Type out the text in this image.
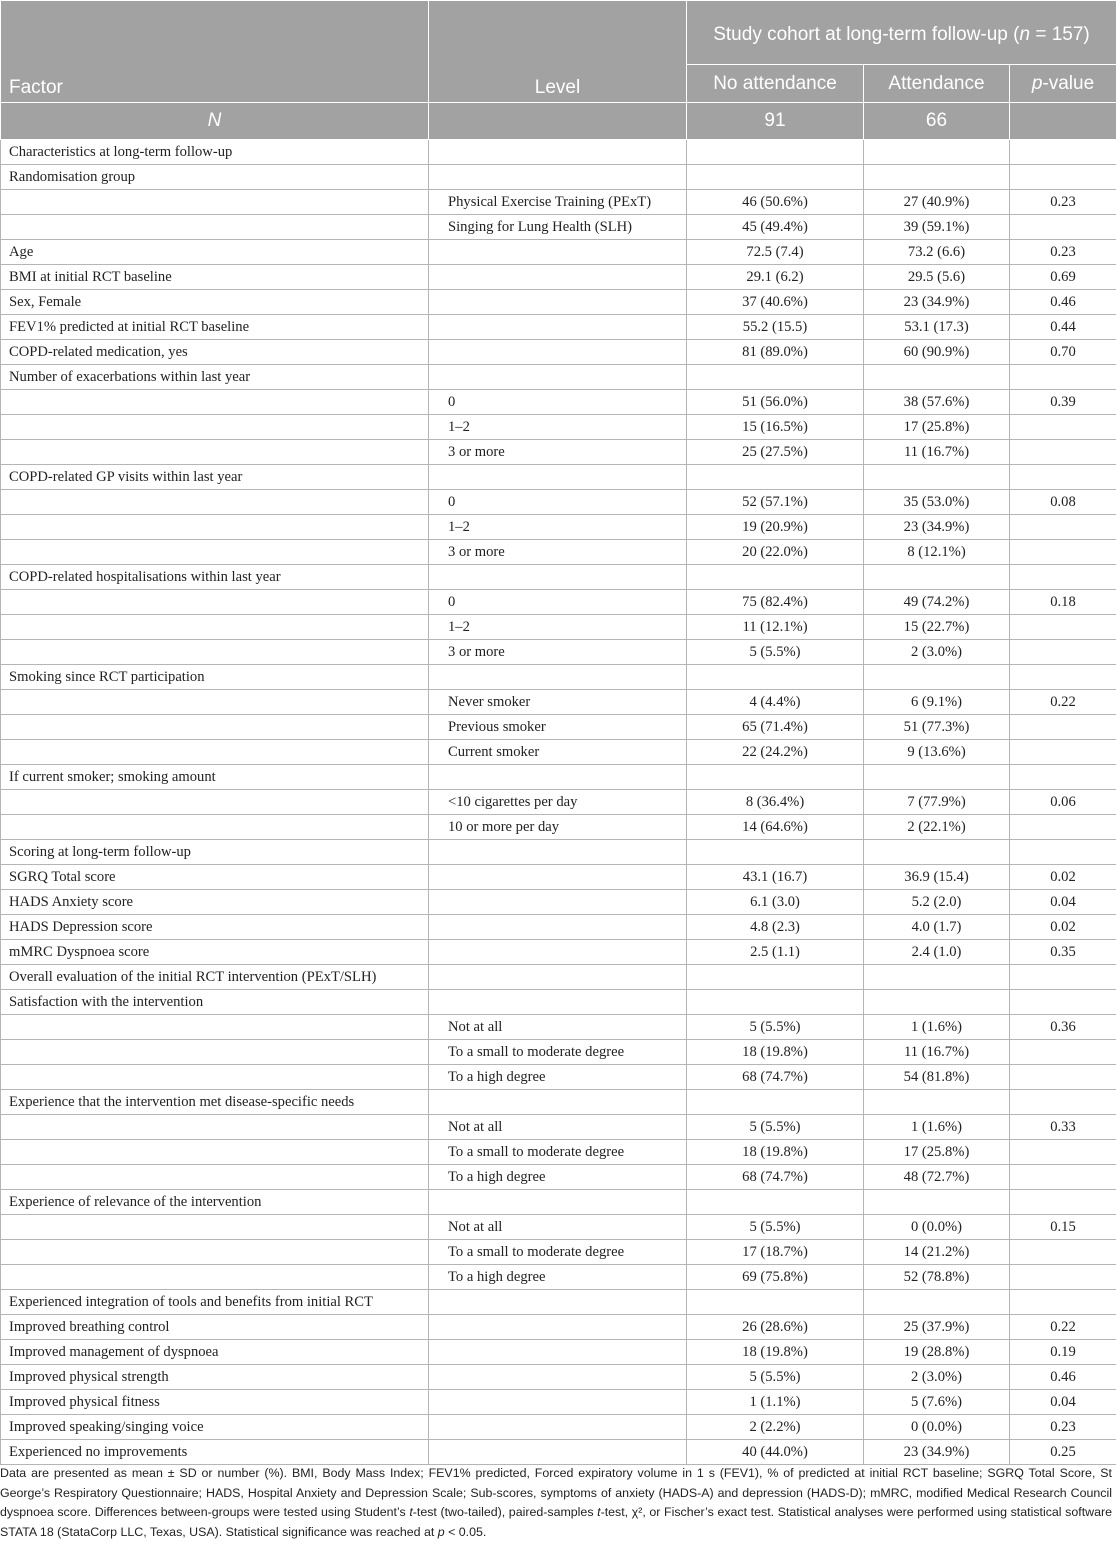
Factor	Level	Study cohort at long-term follow-up (n = 157)		
		No attendance	Attendance	p-value
N		91	66	
Characteristics at long-term follow-up				
Randomisation group				
	Physical Exercise Training (PExT)	46 (50.6%)	27 (40.9%)	0.23
	Singing for Lung Health (SLH)	45 (49.4%)	39 (59.1%)	
Age		72.5 (7.4)	73.2 (6.6)	0.23
BMI at initial RCT baseline		29.1 (6.2)	29.5 (5.6)	0.69
Sex, Female		37 (40.6%)	23 (34.9%)	0.46
FEV1% predicted at initial RCT baseline		55.2 (15.5)	53.1 (17.3)	0.44
COPD-related medication, yes		81 (89.0%)	60 (90.9%)	0.70
Number of exacerbations within last year				
	0	51 (56.0%)	38 (57.6%)	0.39
	1–2	15 (16.5%)	17 (25.8%)	
	3 or more	25 (27.5%)	11 (16.7%)	
COPD-related GP visits within last year				
	0	52 (57.1%)	35 (53.0%)	0.08
	1–2	19 (20.9%)	23 (34.9%)	
	3 or more	20 (22.0%)	8 (12.1%)	
COPD-related hospitalisations within last year				
	0	75 (82.4%)	49 (74.2%)	0.18
	1–2	11 (12.1%)	15 (22.7%)	
	3 or more	5 (5.5%)	2 (3.0%)	
Smoking since RCT participation				
	Never smoker	4 (4.4%)	6 (9.1%)	0.22
	Previous smoker	65 (71.4%)	51 (77.3%)	
	Current smoker	22 (24.2%)	9 (13.6%)	
If current smoker; smoking amount				
	<10 cigarettes per day	8 (36.4%)	7 (77.9%)	0.06
	10 or more per day	14 (64.6%)	2 (22.1%)	
Scoring at long-term follow-up				
SGRQ Total score		43.1 (16.7)	36.9 (15.4)	0.02
HADS Anxiety score		6.1 (3.0)	5.2 (2.0)	0.04
HADS Depression score		4.8 (2.3)	4.0 (1.7)	0.02
mMRC Dyspnoea score		2.5 (1.1)	2.4 (1.0)	0.35
Overall evaluation of the initial RCT intervention (PExT/SLH)				
Satisfaction with the intervention				
	Not at all	5 (5.5%)	1 (1.6%)	0.36
	To a small to moderate degree	18 (19.8%)	11 (16.7%)	
	To a high degree	68 (74.7%)	54 (81.8%)	
Experience that the intervention met disease-specific needs				
	Not at all	5 (5.5%)	1 (1.6%)	0.33
	To a small to moderate degree	18 (19.8%)	17 (25.8%)	
	To a high degree	68 (74.7%)	48 (72.7%)	
Experience of relevance of the intervention				
	Not at all	5 (5.5%)	0 (0.0%)	0.15
	To a small to moderate degree	17 (18.7%)	14 (21.2%)	
	To a high degree	69 (75.8%)	52 (78.8%)	
Experienced integration of tools and benefits from initial RCT				
Improved breathing control		26 (28.6%)	25 (37.9%)	0.22
Improved management of dyspnoea		18 (19.8%)	19 (28.8%)	0.19
Improved physical strength		5 (5.5%)	2 (3.0%)	0.46
Improved physical fitness		1 (1.1%)	5 (7.6%)	0.04
Improved speaking/singing voice		2 (2.2%)	0 (0.0%)	0.23
Experienced no improvements		40 (44.0%)	23 (34.9%)	0.25

Data are presented as mean ± SD or number (%). BMI, Body Mass Index; FEV1% predicted, Forced expiratory volume in 1 s (FEV1), % of predicted at initial RCT baseline; SGRQ Total Score, St George’s Respiratory Questionnaire; HADS, Hospital Anxiety and Depression Scale; Sub-scores, symptoms of anxiety (HADS-A) and depression (HADS-D); mMRC, modified Medical Research Council dyspnoea score. Differences between-groups were tested using Student’s t-test (two-tailed), paired-samples t-test, χ², or Fischer’s exact test. Statistical analyses were performed using statistical software STATA 18 (StataCorp LLC, Texas, USA). Statistical significance was reached at p < 0.05.
